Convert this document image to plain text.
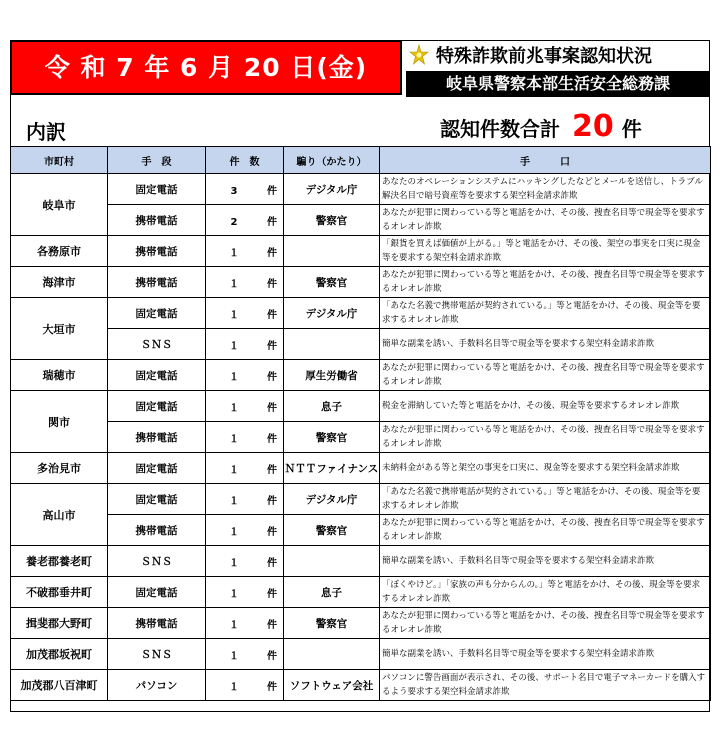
令 和 7 年 6 月 20 日(金)	特殊詐欺前兆事案認知状況
岐阜県警察本部生活安全総務課
内訳	認知件数合計 20 件
市町村	手　段	件　数	騙り（かたり）	手　　　口
岐阜市	固定電話	3 件	デジタル庁	あなたのオペレーションシステムにハッキングしたなどとメールを送信し、トラブル解決名目で暗号資産等を要求する架空料金請求詐欺
	携帯電話	2 件	警察官	あなたが犯罪に関わっている等と電話をかけ、その後、捜査名目等で現金等を要求するオレオレ詐欺
各務原市	携帯電話	１ 件		「銀貨を買えば価値が上がる。」等と電話をかけ、その後、架空の事実を口実に現金等を要求する架空料金請求詐欺
海津市	携帯電話	１ 件	警察官	あなたが犯罪に関わっている等と電話をかけ、その後、捜査名目等で現金等を要求するオレオレ詐欺
大垣市	固定電話	１ 件	デジタル庁	「あなた名義で携帯電話が契約されている。」等と電話をかけ、その後、現金等を要求するオレオレ詐欺
	ＳＮＳ	１ 件		簡単な副業を誘い、手数料名目等で現金等を要求する架空料金請求詐欺
瑞穂市	固定電話	１ 件	厚生労働省	あなたが犯罪に関わっている等と電話をかけ、その後、捜査名目等で現金等を要求するオレオレ詐欺
関市	固定電話	１ 件	息子	税金を滞納していた等と電話をかけ、その後、現金等を要求するオレオレ詐欺
	携帯電話	１ 件	警察官	あなたが犯罪に関わっている等と電話をかけ、その後、捜査名目等で現金等を要求するオレオレ詐欺
多治見市	固定電話	１ 件	ＮＴＴファイナンス	未納料金がある等と架空の事実を口実に、現金等を要求する架空料金請求詐欺
高山市	固定電話	１ 件	デジタル庁	「あなた名義で携帯電話が契約されている。」等と電話をかけ、その後、現金等を要求するオレオレ詐欺
	携帯電話	１ 件	警察官	あなたが犯罪に関わっている等と電話をかけ、その後、捜査名目等で現金等を要求するオレオレ詐欺
養老郡養老町	ＳＮＳ	１ 件		簡単な副業を誘い、手数料名目等で現金等を要求する架空料金請求詐欺
不破郡垂井町	固定電話	１ 件	息子	「ぼくやけど。」「家族の声も分からんの。」等と電話をかけ、その後、現金等を要求するオレオレ詐欺
揖斐郡大野町	携帯電話	１ 件	警察官	あなたが犯罪に関わっている等と電話をかけ、その後、捜査名目等で現金等を要求するオレオレ詐欺
加茂郡坂祝町	ＳＮＳ	１ 件		簡単な副業を誘い、手数料名目等で現金等を要求する架空料金請求詐欺
加茂郡八百津町	パソコン	１ 件	ソフトウェア会社	パソコンに警告画面が表示され、その後、サポート名目で電子マネーカードを購入するよう要求する架空料金請求詐欺
